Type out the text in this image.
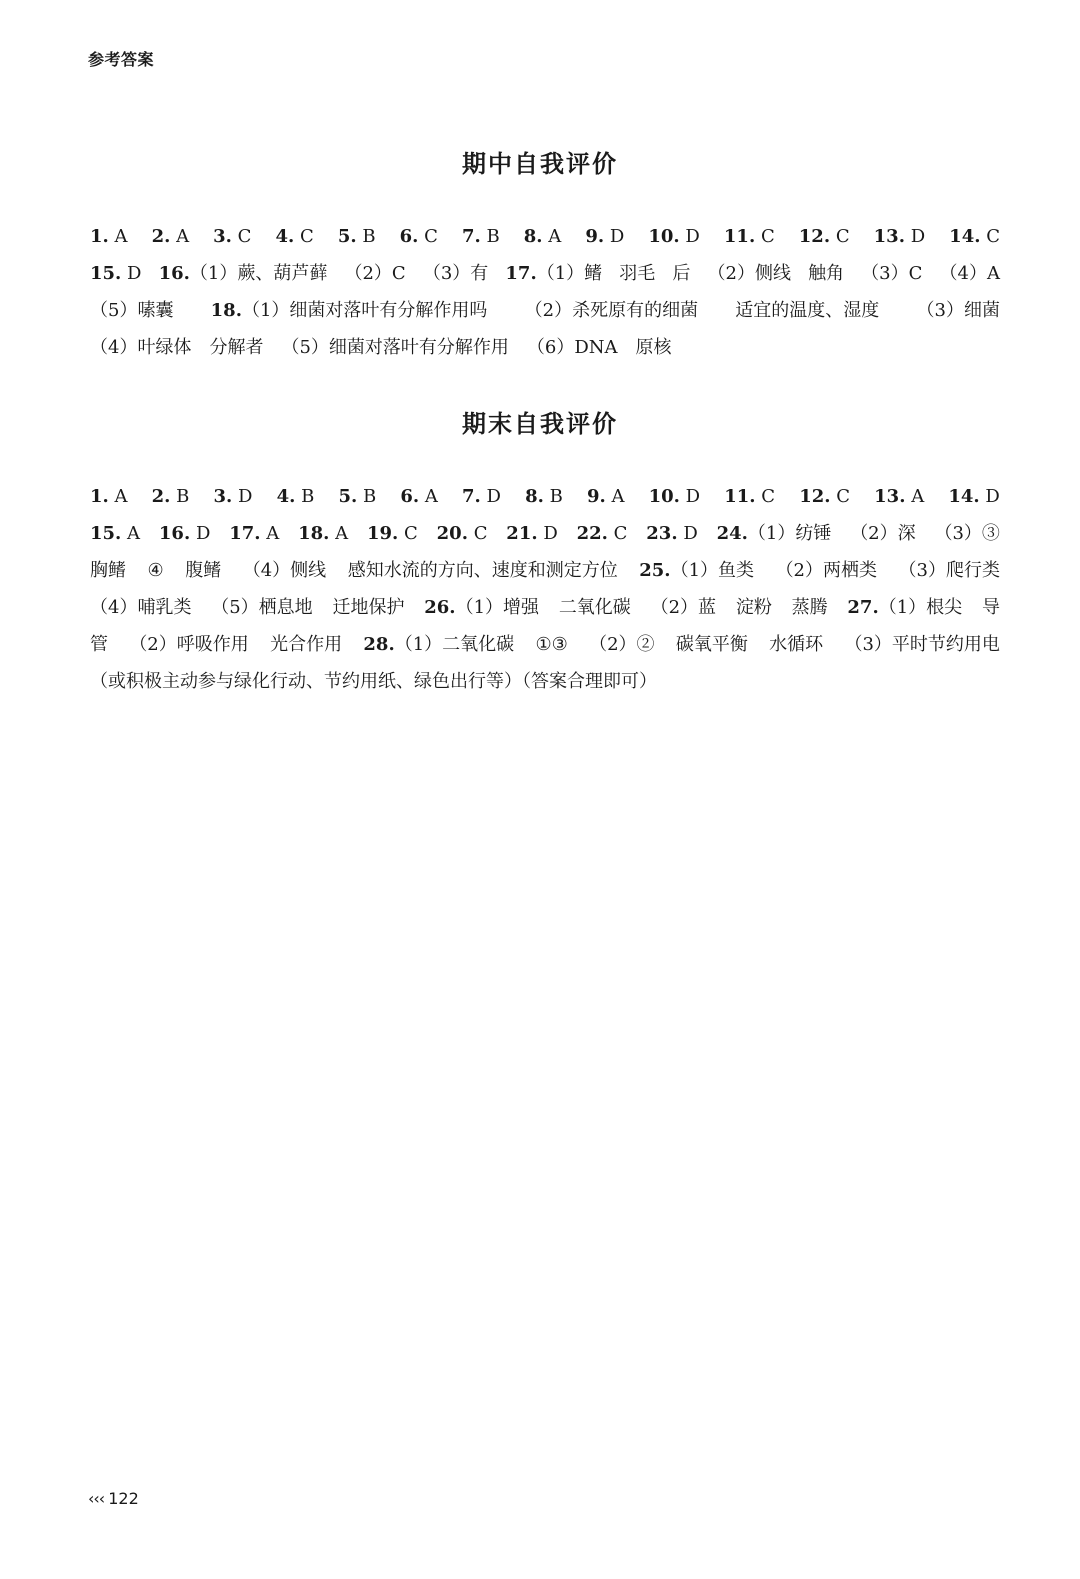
参考答案
期中自我评价
1. A 2. A 3. C 4. C 5. B 6. C 7. B 8. A 9. D 10. D 11. C 12. C 13. D 14. C
15. D 16.（1）蕨、葫芦藓 （2）C （3）有 17.（1）鳍 羽毛 后 （2）侧线 触角 （3）C （4）A
（5）嗉囊 18.（1）细菌对落叶有分解作用吗 （2）杀死原有的细菌 适宜的温度、湿度 （3）细菌
（4）叶绿体 分解者 （5）细菌对落叶有分解作用 （6）DNA 原核
期末自我评价
1. A 2. B 3. D 4. B 5. B 6. A 7. D 8. B 9. A 10. D 11. C 12. C 13. A 14. D
15. A 16. D 17. A 18. A 19. C 20. C 21. D 22. C 23. D 24.（1）纺锤 （2）深 （3）③
胸鳍 ④ 腹鳍 （4）侧线 感知水流的方向、速度和测定方位 25.（1）鱼类 （2）两栖类 （3）爬行类
（4）哺乳类 （5）栖息地 迁地保护 26.（1）增强 二氧化碳 （2）蓝 淀粉 蒸腾 27.（1）根尖 导
管 （2）呼吸作用 光合作用 28.（1）二氧化碳 ①③ （2）② 碳氧平衡 水循环 （3）平时节约用电
（或积极主动参与绿化行动、节约用纸、绿色出行等）（答案合理即可）
‹‹‹ 122
